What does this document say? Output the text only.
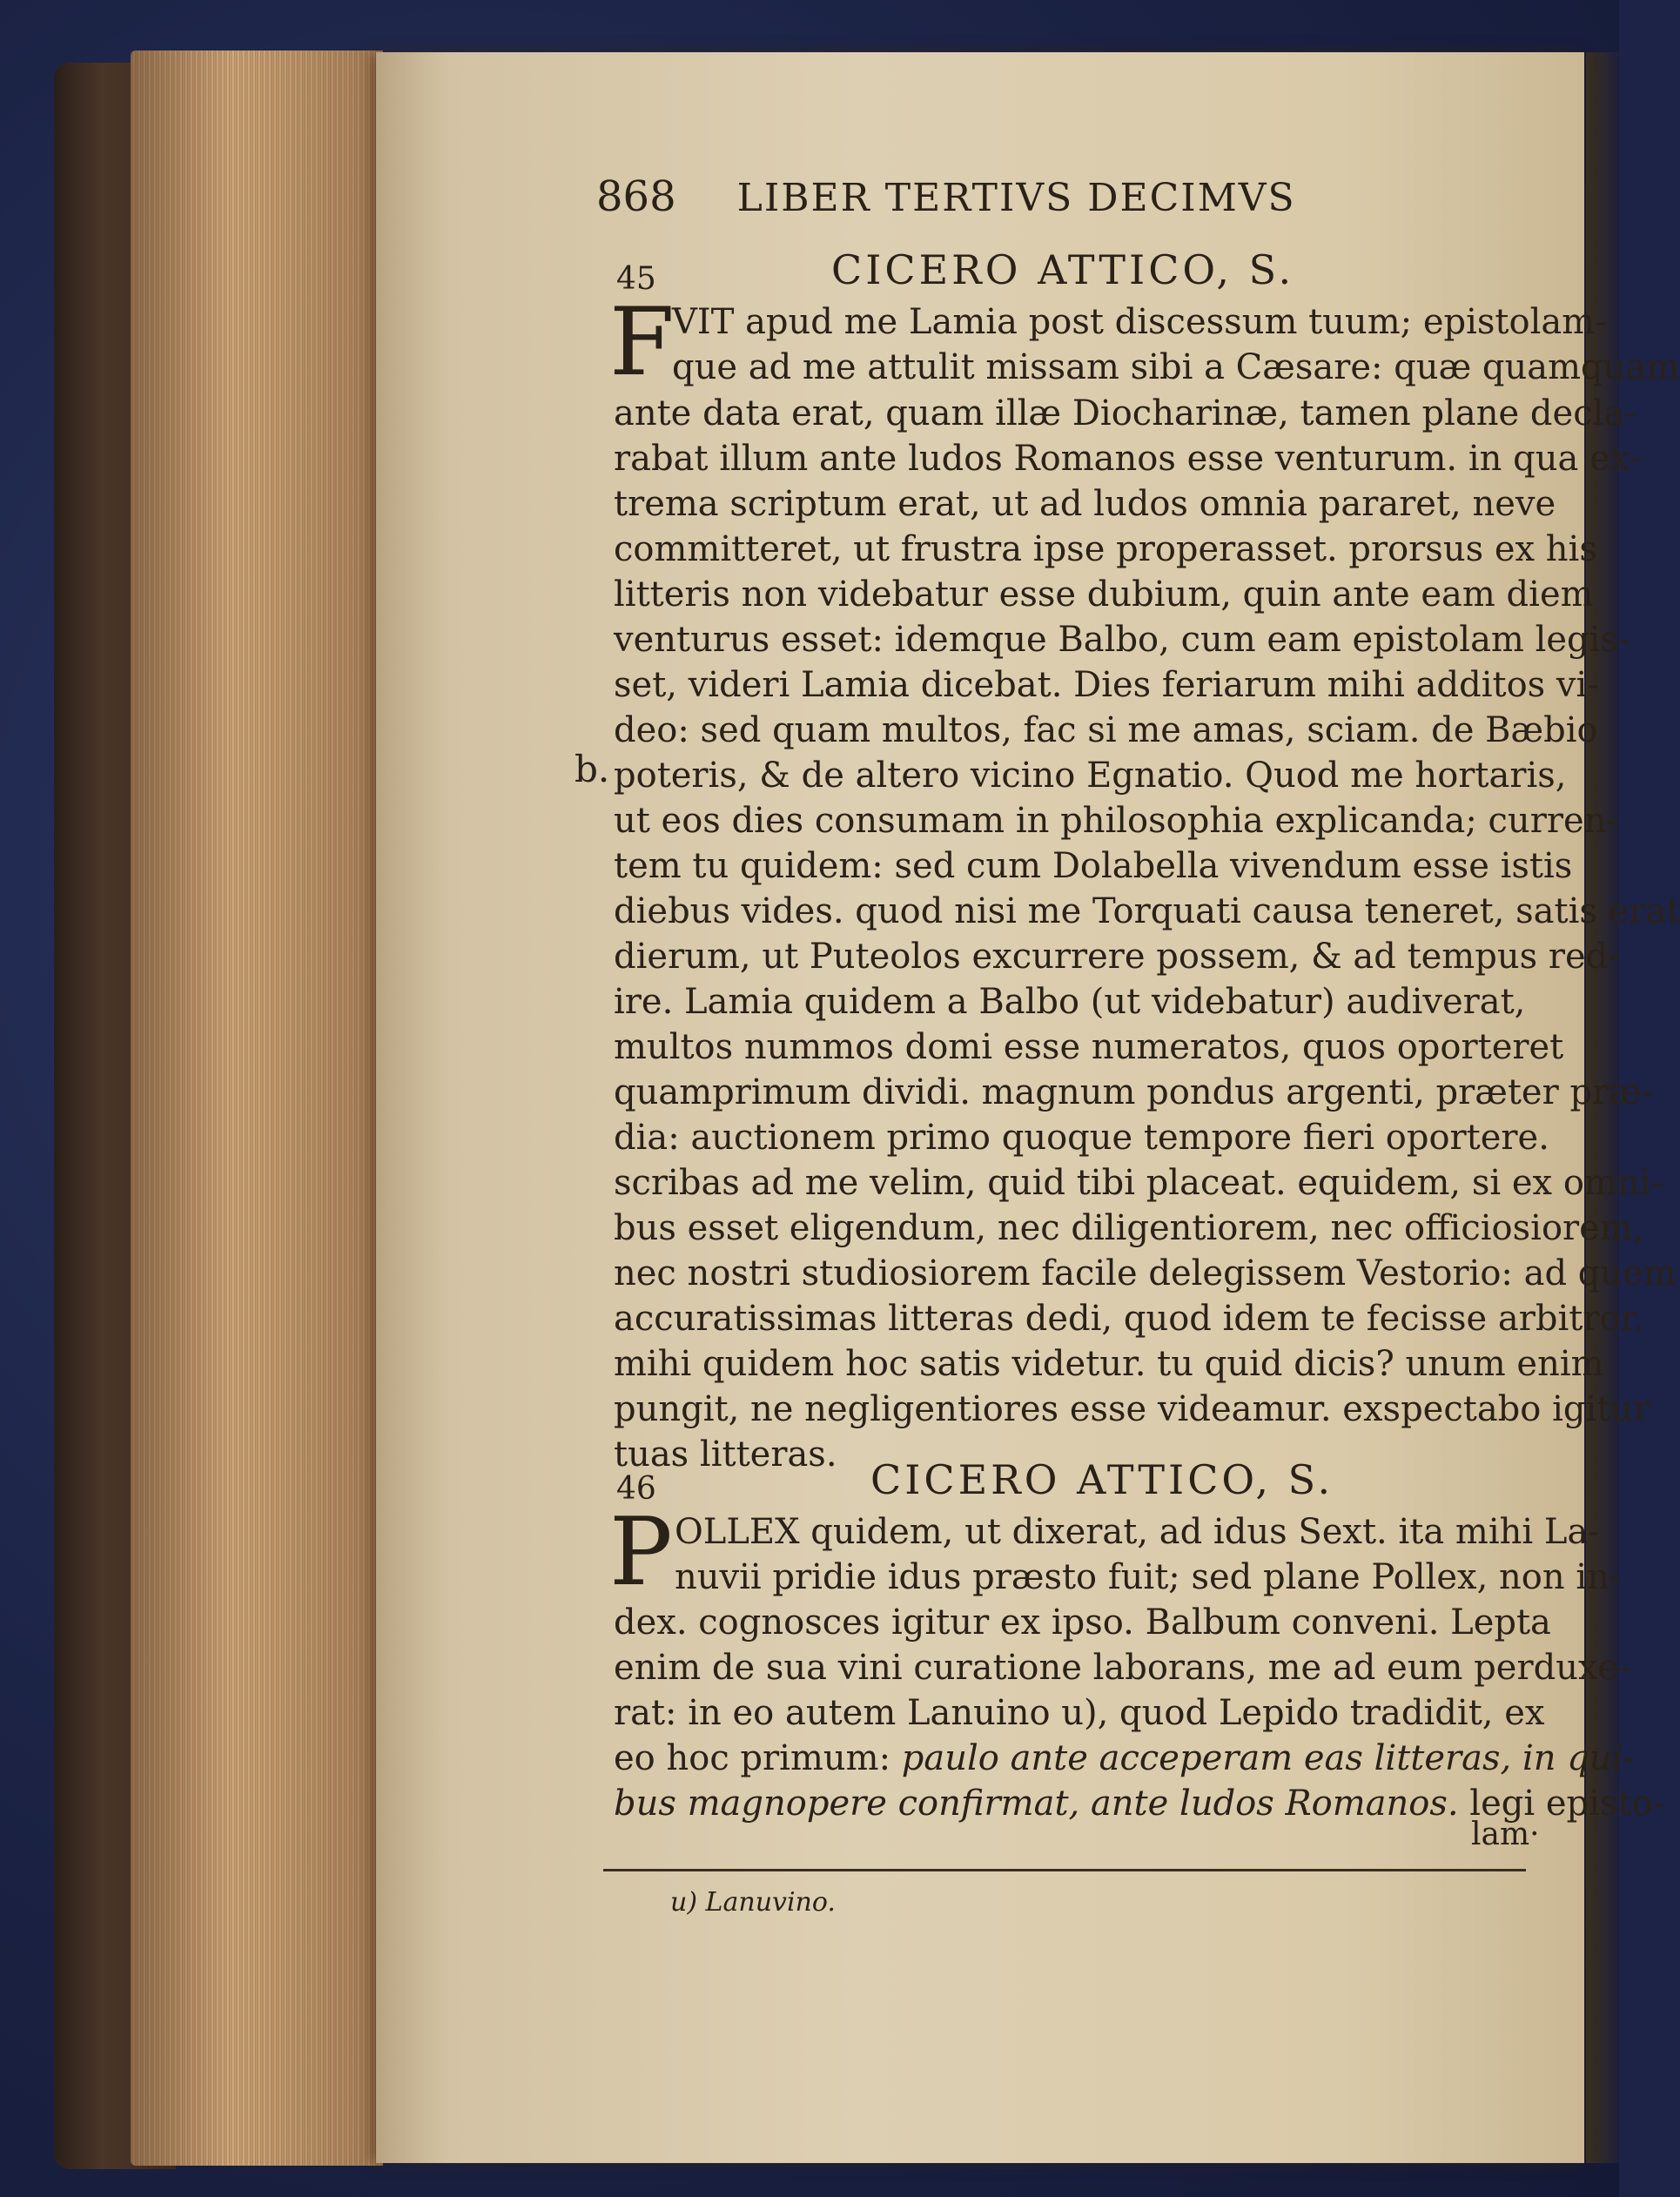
868 LIBER TERTIVS DECIMVS
45	CICERO ATTICO, S.
F
VIT apud me Lamia post discessum tuum; epistolam-
que ad me attulit missam sibi a Cæsare: quæ quamquam
ante data erat, quam illæ Diocharinæ, tamen plane decla-
rabat illum ante ludos Romanos esse venturum. in qua ex-
trema scriptum erat, ut ad ludos omnia pararet, neve
committeret, ut frustra ipse properasset. prorsus ex his
litteris non videbatur esse dubium, quin ante eam diem
venturus esset: idemque Balbo, cum eam epistolam legis-
set, videri Lamia dicebat. Dies feriarum mihi additos vi-
deo: sed quam multos, fac si me amas, sciam. de Bæbio
b. poteris, & de altero vicino Egnatio. Quod me hortaris,
ut eos dies consumam in philosophia explicanda; curren-
tem tu quidem: sed cum Dolabella vivendum esse istis
diebus vides. quod nisi me Torquati causa teneret, satis erat
dierum, ut Puteolos excurrere possem, & ad tempus red-
ire. Lamia quidem a Balbo (ut videbatur) audiverat,
multos nummos domi esse numeratos, quos oporteret
quamprimum dividi. magnum pondus argenti, præter præ-
dia: auctionem primo quoque tempore fieri oportere.
scribas ad me velim, quid tibi placeat. equidem, si ex omni-
bus esset eligendum, nec diligentiorem, nec officiosiorem,
nec nostri studiosiorem facile delegissem Vestorio: ad quem
accuratissimas litteras dedi, quod idem te fecisse arbitror.
mihi quidem hoc satis videtur. tu quid dicis? unum enim
pungit, ne negligentiores esse videamur. exspectabo igitur
tuas litteras.
46	CICERO ATTICO, S.
P OLLEX quidem, ut dixerat, ad idus Sext. ita mihi La-
nuvii pridie idus præsto fuit; sed plane Pollex, non in-
dex. cognosces igitur ex ipso. Balbum conveni. Lepta
enim de sua vini curatione laborans, me ad eum perduxe-
rat: in eo autem Lanuino u), quod Lepido tradidit, ex
eo hoc primum: paulo ante acceperam eas litteras, in qui-
bus magnopere confirmat, ante ludos Romanos. legi episto-
lam·
u) Lanuvino.
